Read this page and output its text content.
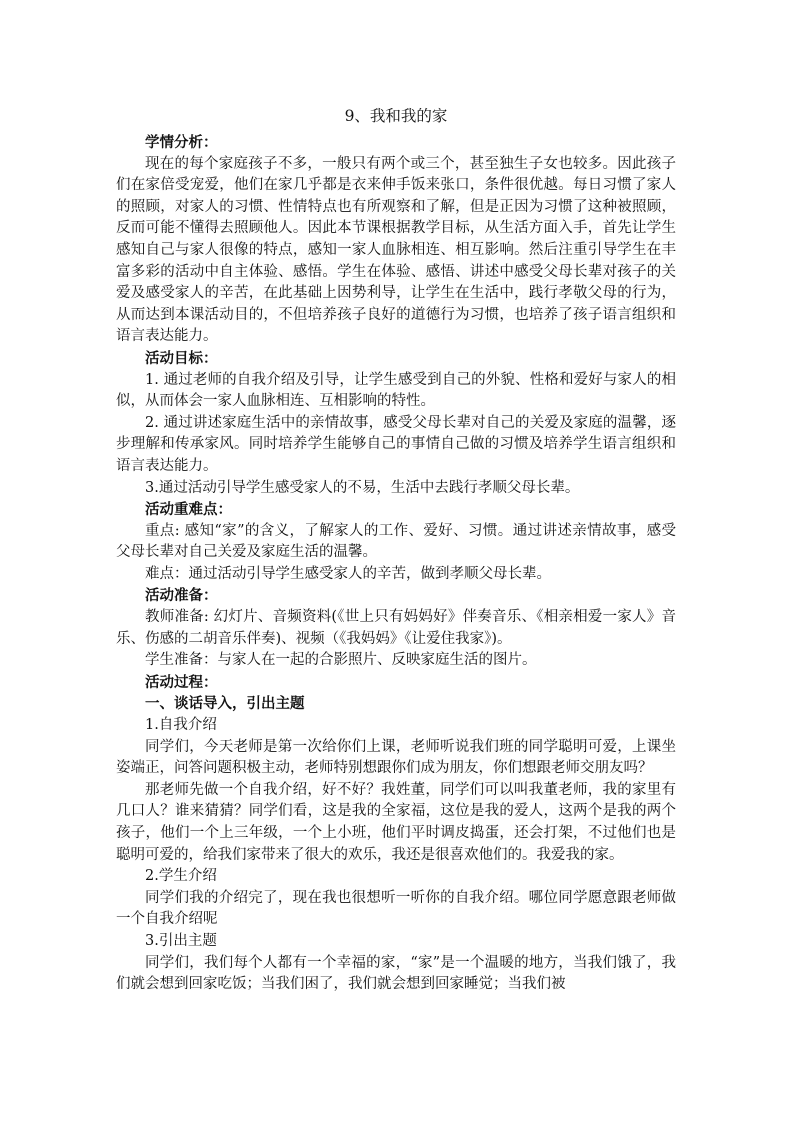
9、我和我的家
学情分析：
现在的每个家庭孩子不多，一般只有两个或三个，甚至独生子女也较多。因此孩子们在家倍受宠爱，他们在家几乎都是衣来伸手饭来张口，条件很优越。每日习惯了家人的照顾，对家人的习惯、性情特点也有所观察和了解，但是正因为习惯了这种被照顾，反而可能不懂得去照顾他人。因此本节课根据教学目标，从生活方面入手，首先让学生感知自己与家人很像的特点，感知一家人血脉相连、相互影响。然后注重引导学生在丰富多彩的活动中自主体验、感悟。学生在体验、感悟、讲述中感受父母长辈对孩子的关爱及感受家人的辛苦，在此基础上因势利导，让学生在生活中，践行孝敬父母的行为，从而达到本课活动目的，不但培养孩子良好的道德行为习惯，也培养了孩子语言组织和语言表达能力。
活动目标：
1. 通过老师的自我介绍及引导，让学生感受到自己的外貌、性格和爱好与家人的相似，从而体会一家人血脉相连、互相影响的特性。
2. 通过讲述家庭生活中的亲情故事，感受父母长辈对自己的关爱及家庭的温馨，逐步理解和传承家风。同时培养学生能够自己的事情自己做的习惯及培养学生语言组织和语言表达能力。
3.通过活动引导学生感受家人的不易，生活中去践行孝顺父母长辈。
活动重难点：
重点: 感知“家”的含义，了解家人的工作、爱好、习惯。通过讲述亲情故事，感受父母长辈对自己关爱及家庭生活的温馨。
难点：通过活动引导学生感受家人的辛苦，做到孝顺父母长辈。
活动准备：
教师准备: 幻灯片、音频资料(《世上只有妈妈好》伴奏音乐、《相亲相爱一家人》音乐、伤感的二胡音乐伴奏)、视频（《我妈妈》《让爱住我家》)。
学生准备：与家人在一起的合影照片、反映家庭生活的图片。
活动过程：
一、谈话导入，引出主题
1.自我介绍
同学们，今天老师是第一次给你们上课，老师听说我们班的同学聪明可爱，上课坐姿端正，问答问题积极主动，老师特别想跟你们成为朋友，你们想跟老师交朋友吗？
那老师先做一个自我介绍，好不好？我姓董，同学们可以叫我董老师，我的家里有几口人？谁来猜猜？同学们看，这是我的全家福，这位是我的爱人，这两个是我的两个孩子，他们一个上三年级，一个上小班，他们平时调皮捣蛋，还会打架，不过他们也是聪明可爱的，给我们家带来了很大的欢乐，我还是很喜欢他们的。我爱我的家。
2.学生介绍
同学们我的介绍完了，现在我也很想听一听你的自我介绍。哪位同学愿意跟老师做一个自我介绍呢
3.引出主题
同学们，我们每个人都有一个幸福的家，“家”是一个温暖的地方，当我们饿了，我们就会想到回家吃饭；当我们困了，我们就会想到回家睡觉；当我们被
